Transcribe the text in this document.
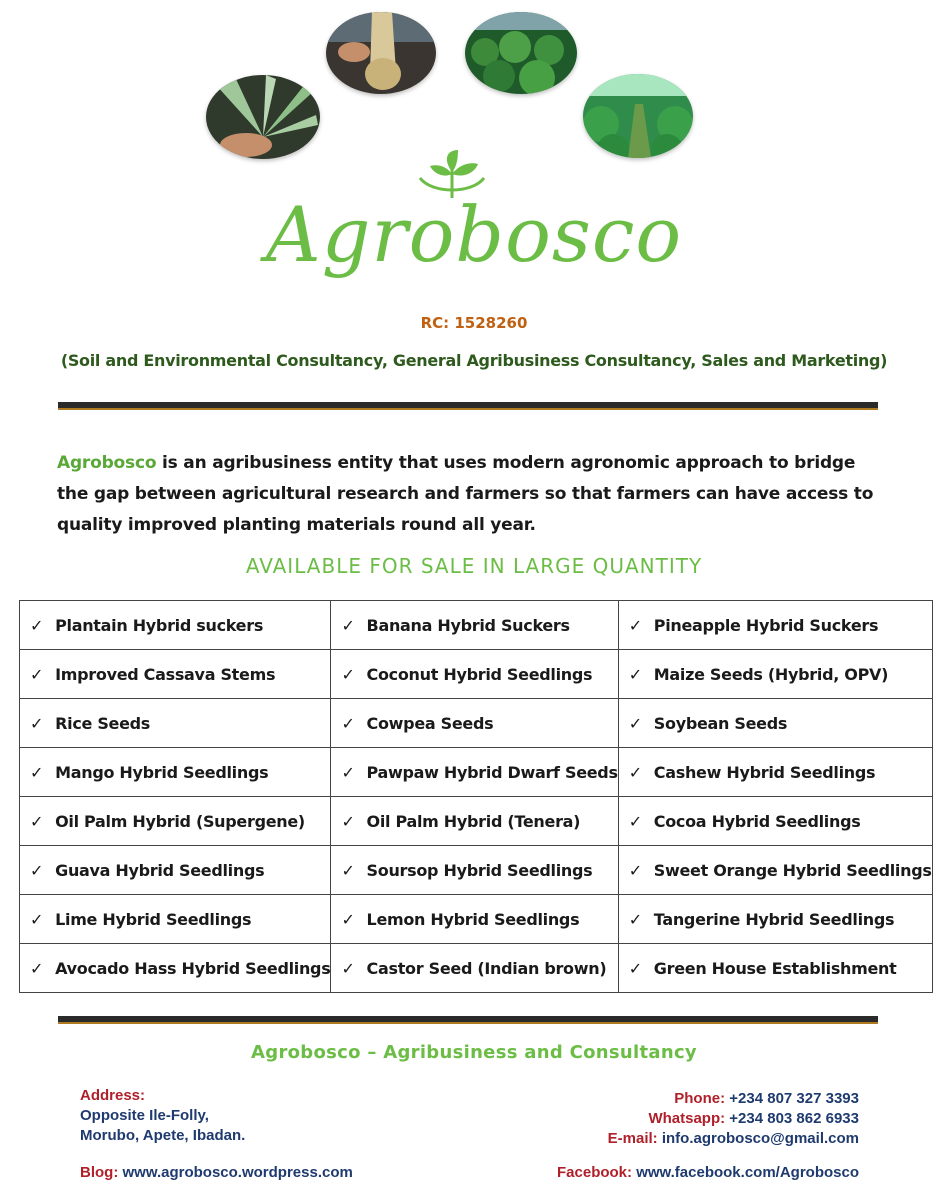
Agrobosco
RC: 1528260
(Soil and Environmental Consultancy, General Agribusiness Consultancy, Sales and Marketing)
Agrobosco is an agribusiness entity that uses modern agronomic approach to bridge the gap between agricultural research and farmers so that farmers can have access to quality improved planting materials round all year.
AVAILABLE FOR SALE IN LARGE QUANTITY
✓ Plantain Hybrid suckers	✓ Banana Hybrid Suckers	✓ Pineapple Hybrid Suckers
✓ Improved Cassava Stems	✓ Coconut Hybrid Seedlings	✓ Maize Seeds (Hybrid, OPV)
✓ Rice Seeds	✓ Cowpea Seeds	✓ Soybean Seeds
✓ Mango Hybrid Seedlings	✓ Pawpaw Hybrid Dwarf Seeds	✓ Cashew Hybrid Seedlings
✓ Oil Palm Hybrid (Supergene)	✓ Oil Palm Hybrid (Tenera)	✓ Cocoa Hybrid Seedlings
✓ Guava Hybrid Seedlings	✓ Soursop Hybrid Seedlings	✓ Sweet Orange Hybrid Seedlings
✓ Lime Hybrid Seedlings	✓ Lemon Hybrid Seedlings	✓ Tangerine Hybrid Seedlings
✓ Avocado Hass Hybrid Seedlings	✓ Castor Seed (Indian brown)	✓ Green House Establishment
Agrobosco – Agribusiness and Consultancy
Address:
Opposite Ile-Folly,
Morubo, Apete, Ibadan.
Phone: +234 807 327 3393
Whatsapp: +234 803 862 6933
E-mail: info.agrobosco@gmail.com
Blog: www.agrobosco.wordpress.com	Facebook: www.facebook.com/Agrobosco
